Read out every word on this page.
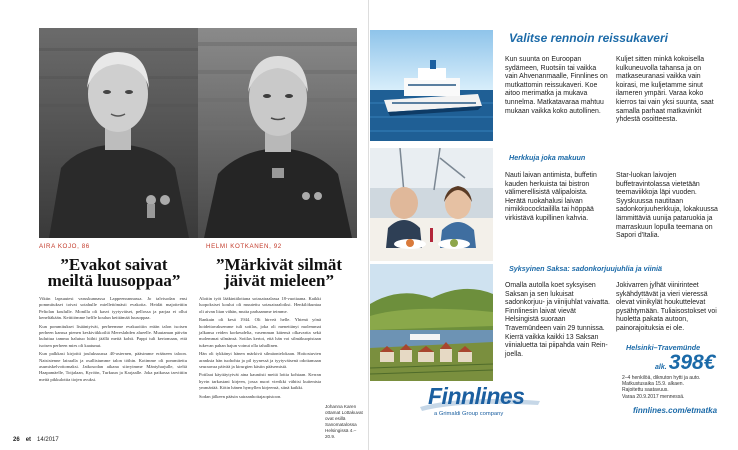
AIRA KOJO, 86	HELMI KOTKANEN, 92
”Evakot saivat meiltä luusoppaa”
”Märkivät silmät jäivät mieleen”

Viktin lapsuutesi varuskunnassa Lappeenrannassa. Jo talvisodan ensi pommitukset toivat sotahulle miellettömästi evakoita. Heidät majoitettiin Peltolan koululle. Monilla oli kasvi tyytyväiset, pellossa ja parjaa ei ollut keneltäkään. Keittiömme helfle koulun keittämää luusoppaa.

Kun pommitukset lisääntyivät, perheemme evakuoitiin erään talon isoisen perheen kanssa pienen keskiviikkoiltä Mereslahden alueelle. Muutaman päivän kuluttua tamma halutuo hiihti jäällä meitä kohti. Pappi tuli kertomaan, että isoisen perheen mies oli kaatunut.

Kun palkkasi kirjoitti jouluksuussa 40-asiernen, pääsimme erääseen taloon. Naisistenne lairaalla ja osallistumme talon töihin. Kotimme oli pommitettu asumiskelvottomaksi. Jatkosodan aikana siirryimme Mäntyharjulle, sieltä Haapamäelle, Toijalaan, Kyröön, Turkuun ja Karjaalle. Joka paikassa tarvittiin meitä pikkulottia tiojen avuksi.

Aloitin työt lääkintälottana sotasairaalassa 18-vuotiaana. Kaikki luopoksiset koulut oli muutettu sotasairaaloiksi. Henkilökuntaa oli aivan liian vähän, mutta parhaamme teimme.

Rankain oli kesä 1944. Oli hirveä helle. Yhtenä yönä hoidettavaksemme tuli sotilas, joka oli menettänyt molemmat jalkansa reiden korkeudelta, vasemman kätensä olkavartta sekä molemmat silmänsä. Sotilas kertoi, että hän voi silmäkuopistaan tukevan pahan hajun voinut olla tahallinen.

Hän oli tykkänyt hänen märkivä silmäontelokaan. Hoitostuvien aranksia hän tuohohta ja pil tyynessä ja tyytyväisenä odottamaan seuraavaa päivää ja kirurgien käsiin pääsemistä.

Potilaat käyttäytyivät aina kauniisti meitä lottia kohtaan. Kerran hyvin tarkastani kirjeen, jossa nuori vierikki vähitsi kuitenista ymmärtää. Kötin hänen hymyllen kirjeensä, siinä kaikki.

Sodan jälkeen pääsin sairaanhoitajaopistoon.

Johanna Karen ottamat Lottakuvat ovat esillä Sanomatalossa Helsingissä 4.–20.9.
26 et 14/2017
Valitse rennoin reissukaveri

Kun suunta on Euroopan sydämeen, Ruotsiin tai vaikka vain Ahvenanmaalle, Finnlines on mutkattomin reissukaveri. Koe aitoo merimatka ja mukava tunnelma. Matkatavaraa mahtuu mukaan vaikka koko autollinen.

Kuljet sitten minkä kokoisella kulkuneuvolla tahansa ja on matkaseuranasi vaikka vain koirasi, me kuljetamme sinut ilameren ympäri. Varaa koko kierros tai vain yksi suunta, saat samalla parhaat matkavinkit yhdestä osoitteesta.

Herkkuja joka makuun

Nauti laivan antimista, buffetin kauden herkuista tai bistron välimerellisistä välipaloista. Herätä ruokahalusi laivan nimikkococktaililla tai höppää virkistävä kupillinen kahvia.

Star-luokan laivojen buffetravintolassa vietetään teemaviikkoja läpi vuoden. Syyskuussa nautitaan sadonkorjuuherkkuja, lokakuussa lämmittäviä uunija pataruokia ja marraskuun lopulla teemana on Sapori d'Italia.

Syksyinen Saksa: sadonkorjuujuhlia ja viiniä

Omalla autolla koet syksyisen Saksan ja sen lukuisat sadonkorjuu- ja viinijuhlat vaivatta. Finnlinesin laivat vievät Helsingistä suoraan Travemündeen vain 29 tunnissa. Kierrä vaikka kaikki 13 Saksan viinialuetta tai piipahda vain Rein-joella.

Jokivarren jylhät viinirinteet sykähdyttävät ja vieri vieressä olevat viinikylät houkuttelevat pysähtymään. Tuliaisostokset voi huoletta pakata autoon, painorajoituksia ei ole.

Helsinki–Travemünde
alk.398€
2–4 henkilöä, diknuton hytti ja auto.
Matkustusaika 15.9. alkaen.
Rajoitettu saatavuus.
Varaa 20.9.2017 mennessä.
finnlines.com/etmatka
Finnlines
a Grimaldi Group company
